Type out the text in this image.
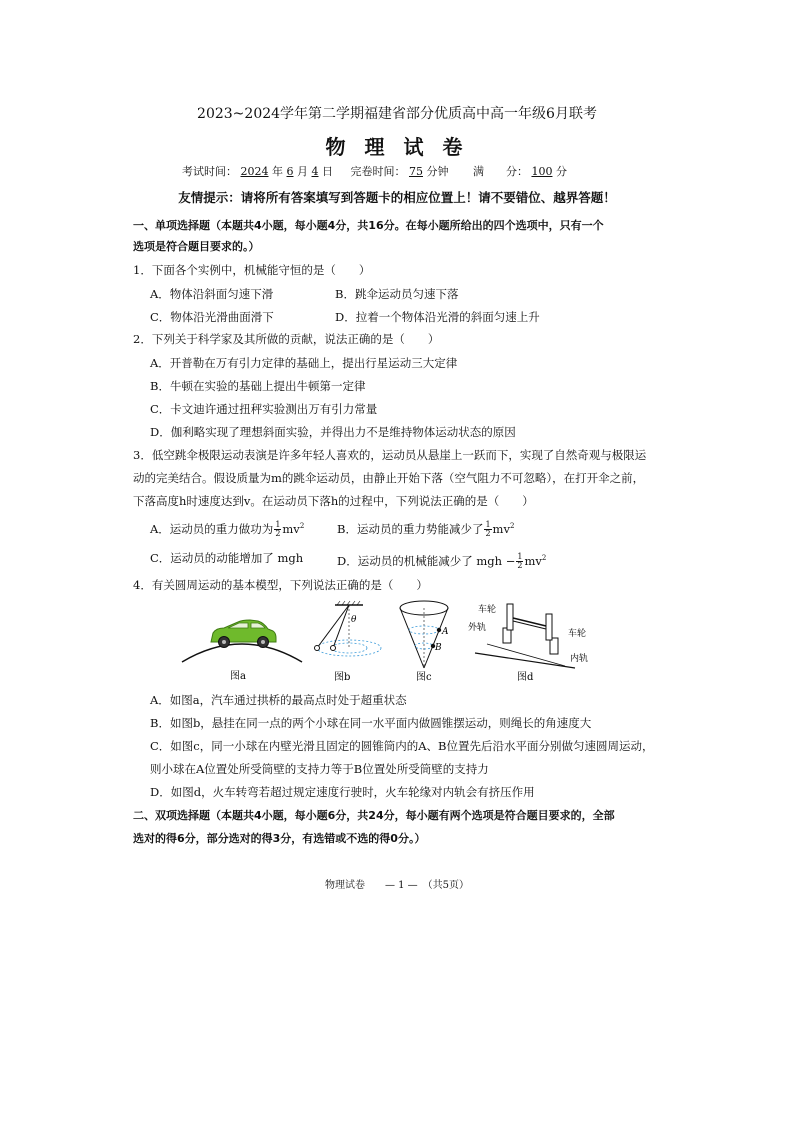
2023~2024学年第二学期福建省部分优质高中高一年级6月联考
物 理 试 卷
考试时间： 2024 年 6 月 4 日 完卷时间： 75 分钟 满　　分： 100 分
友情提示：请将所有答案填写到答题卡的相应位置上！请不要错位、越界答题！
一、单项选择题（本题共4小题，每小题4分，共16分。在每小题所给出的四个选项中，只有一个
选项是符合题目要求的。）
1．下面各个实例中，机械能守恒的是（　　）
A．物体沿斜面匀速下滑	B．跳伞运动员匀速下落
C．物体沿光滑曲面滑下	D．拉着一个物体沿光滑的斜面匀速上升
2．下列关于科学家及其所做的贡献，说法正确的是（　　）
A．开普勒在万有引力定律的基础上，提出行星运动三大定律
B．牛顿在实验的基础上提出牛顿第一定律
C．卡文迪许通过扭秤实验测出万有引力常量
D．伽利略实现了理想斜面实验，并得出力不是维持物体运动状态的原因
3．低空跳伞极限运动表演是许多年轻人喜欢的，运动员从悬崖上一跃而下，实现了自然奇观与极限运
动的完美结合。假设质量为m的跳伞运动员，由静止开始下落（空气阻力不可忽略），在打开伞之前，
下落高度h时速度达到v。在运动员下落h的过程中，下列说法正确的是（　　）
A．运动员的重力做功为 $\frac{1}{2} mv^2$	B．运动员的重力势能减少了 $\frac{1}{2} mv^2$
C．运动员的动能增加了 mgh	D．运动员的机械能减少了 mgh − $\frac{1}{2} mv^2$
4．有关圆周运动的基本模型，下列说法正确的是（　　）
图a
θ
图b
A
B
图c
车轮
外轨
车轮
内轨
图d
A．如图a，汽车通过拱桥的最高点时处于超重状态
B．如图b，悬挂在同一点的两个小球在同一水平面内做圆锥摆运动，则绳长的角速度大
C．如图c，同一小球在内壁光滑且固定的圆锥筒内的A、B位置先后沿水平面分别做匀速圆周运动，
则小球在A位置处所受筒壁的支持力等于B位置处所受筒壁的支持力
D．如图d，火车转弯若超过规定速度行驶时，火车轮缘对内轨会有挤压作用
二、双项选择题（本题共4小题，每小题6分，共24分，每小题有两个选项是符合题目要求的，全部
选对的得6分，部分选对的得3分，有选错或不选的得0分。）
物理试卷　　— 1 —　（共5页）
